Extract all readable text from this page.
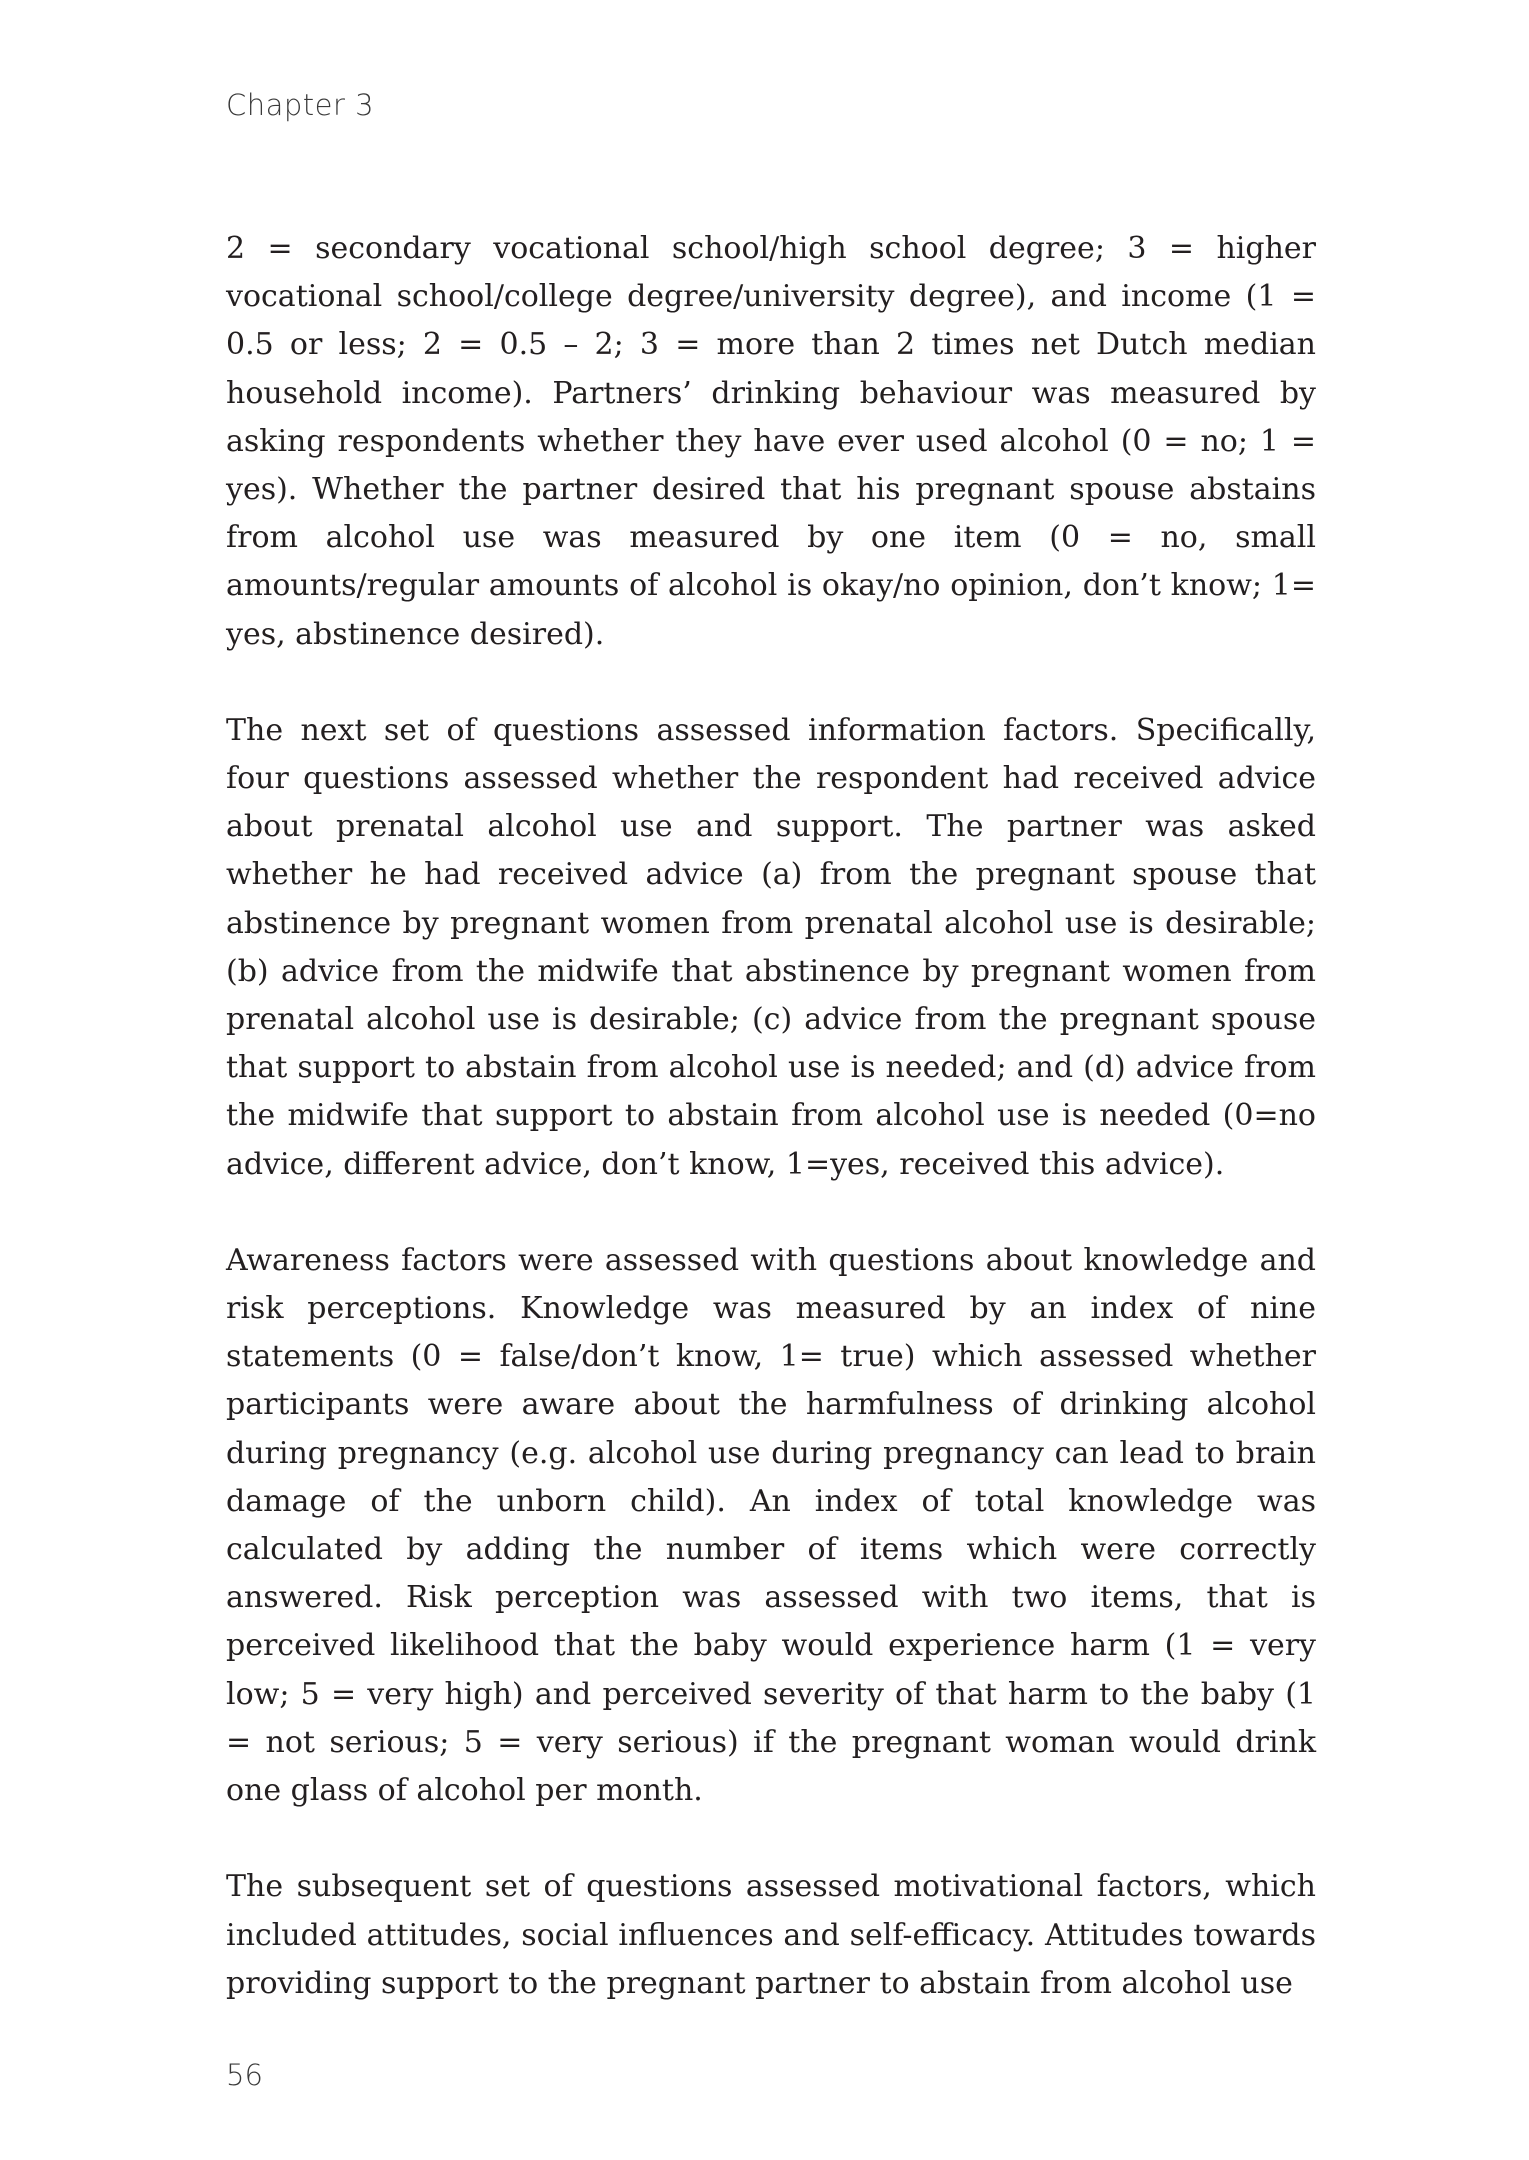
Chapter 3

2 = secondary vocational school/high school degree; 3 = higher vocational school/college degree/university degree), and income (1 = 0.5 or less; 2 = 0.5 – 2; 3 = more than 2 times net Dutch median household income). Partners’ drinking behaviour was measured by asking respondents whether they have ever used alcohol (0 = no; 1 = yes). Whether the partner desired that his pregnant spouse abstains from alcohol use was measured by one item (0 = no, small amounts/regular amounts of alcohol is okay/no opinion, don’t know; 1= yes, abstinence desired).

The next set of questions assessed information factors. Specifically, four questions assessed whether the respondent had received advice about prenatal alcohol use and support. The partner was asked whether he had received advice (a) from the pregnant spouse that abstinence by pregnant women from prenatal alcohol use is desirable; (b) advice from the midwife that abstinence by pregnant women from prenatal alcohol use is desirable; (c) advice from the pregnant spouse that support to abstain from alcohol use is needed; and (d) advice from the midwife that support to abstain from alcohol use is needed (0=no advice, different advice, don’t know, 1=yes, received this advice).

Awareness factors were assessed with questions about knowledge and risk perceptions. Knowledge was measured by an index of nine statements (0 = false/don’t know, 1= true) which assessed whether participants were aware about the harmfulness of drinking alcohol during pregnancy (e.g. alcohol use during pregnancy can lead to brain damage of the unborn child). An index of total knowledge was calculated by adding the number of items which were correctly answered. Risk perception was assessed with two items, that is perceived likelihood that the baby would experience harm (1 = very low; 5 = very high) and perceived severity of that harm to the baby (1 = not serious; 5 = very serious) if the pregnant woman would drink one glass of alcohol per month.

The subsequent set of questions assessed motivational factors, which included attitudes, social influences and self-efficacy. Attitudes towards providing support to the pregnant partner to abstain from alcohol use

56
